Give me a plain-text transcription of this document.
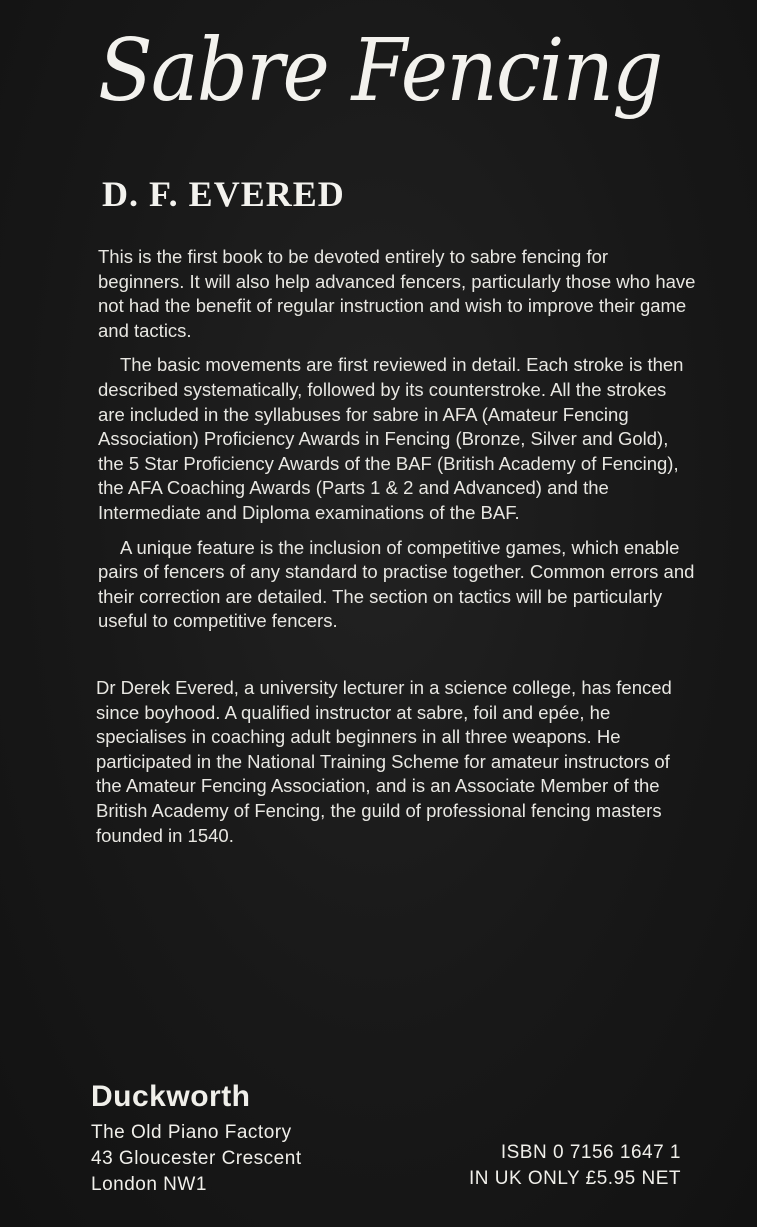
Sabre Fencing
D. F. EVERED

This is the first book to be devoted entirely to sabre fencing for beginners. It will also help advanced fencers, particularly those who have not had the benefit of regular instruction and wish to improve their game and tactics.

The basic movements are first reviewed in detail. Each stroke is then described systematically, followed by its counterstroke. All the strokes are included in the syllabuses for sabre in AFA (Amateur Fencing Association) Proficiency Awards in Fencing (Bronze, Silver and Gold), the 5 Star Proficiency Awards of the BAF (British Academy of Fencing), the AFA Coaching Awards (Parts 1 & 2 and Advanced) and the Intermediate and Diploma examinations of the BAF.

A unique feature is the inclusion of competitive games, which enable pairs of fencers of any standard to practise together. Common errors and their correction are detailed. The section on tactics will be particularly useful to competitive fencers.

Dr Derek Evered, a university lecturer in a science college, has fenced since boyhood. A qualified instructor at sabre, foil and epée, he specialises in coaching adult beginners in all three weapons. He participated in the National Training Scheme for amateur instructors of the Amateur Fencing Association, and is an Associate Member of the British Academy of Fencing, the guild of professional fencing masters founded in 1540.

Duckworth
The Old Piano Factory
43 Gloucester Crescent
London NW1
ISBN 0 7156 1647 1
IN UK ONLY £5.95 NET
